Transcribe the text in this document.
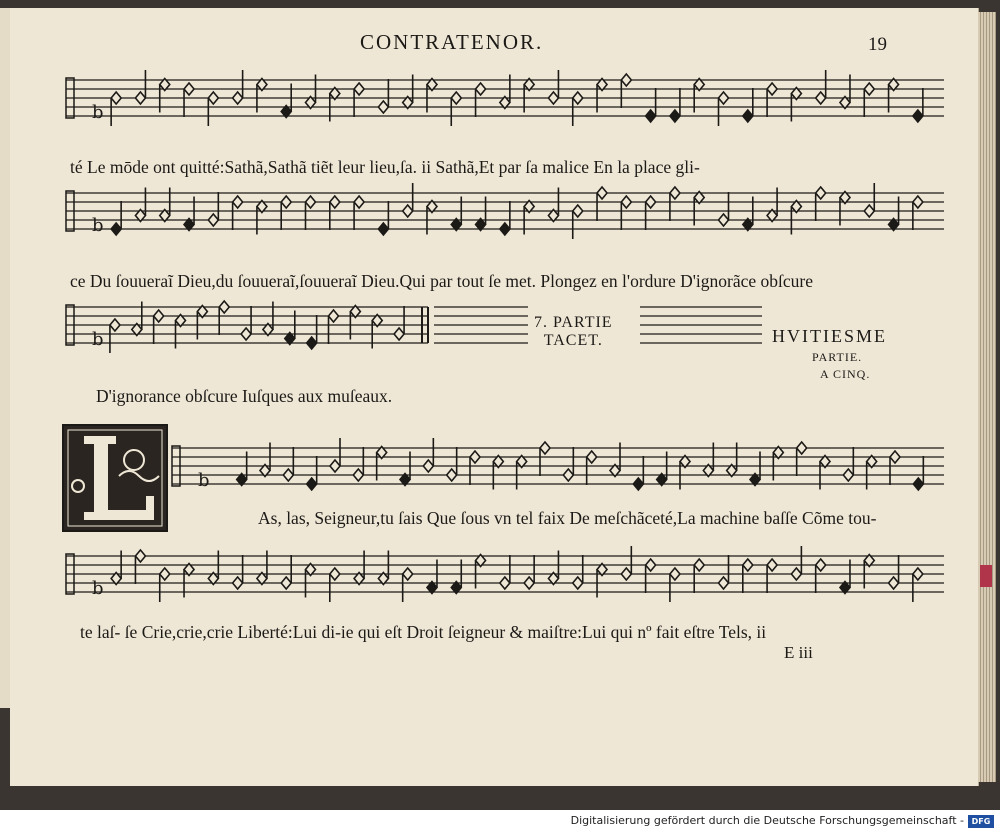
b
b
b
b
b
CONTRATENOR.	19
té Le mōde ont quitté:Sathã,Sathã tiẽt leur lieu,ſa. ii Sathã,Et par ſa malice En la place gli-
ce Du ſouueraĩ Dieu,du ſouueraĩ,ſouueraĩ Dieu.Qui par tout ſe met. Plongez en l'ordure D'ignorãce obſcure
D'ignorance obſcure Iuſques aux muſeaux.
As, las, Seigneur,tu ſais Que ſous vn tel faix De meſchãceté,La machine baſſe Cõme tou-
te laſ- ſe Crie,crie,crie Liberté:Lui di-ie qui eſt Droit ſeigneur & maiſtre:Lui qui nº fait eſtre Tels, ii
E iii
7. PARTIE
TACET.	HVITIESME
PARTIE.
A CINQ.
Digitalisierung gefördert durch die Deutsche Forschungsgemeinschaft - DFG
